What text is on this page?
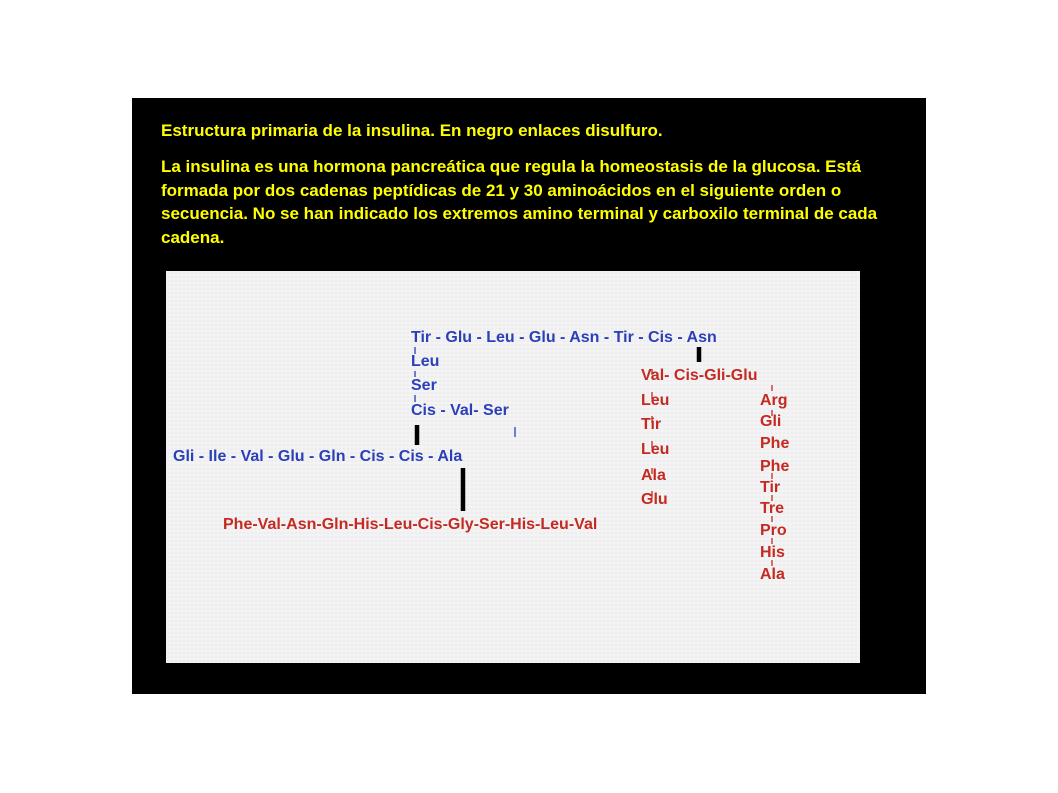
Estructura primaria de la insulina. En negro enlaces disulfuro.

La insulina es una hormona pancreática que regula la homeostasis de la glucosa. Está formada por dos cadenas peptídicas de 21 y 30 aminoácidos en el siguiente orden o secuencia. No se han indicado los extremos amino terminal y carboxilo terminal de cada cadena.

Tir - Glu - Leu - Glu - Asn - Tir - Cis - Asn
Leu
Ser
Cis - Val- Ser
Gli - Ile - Val - Glu - Gln - Cis - Cis - Ala
Phe-Val-Asn-Gln-His-Leu-Cis-Gly-Ser-His-Leu-Val
Glu
Ala
Leu
Tir
Leu
Val- Cis-Gli-Glu
Arg
Gli
Phe
Phe
Tir
Tre
Pro
His
Ala
